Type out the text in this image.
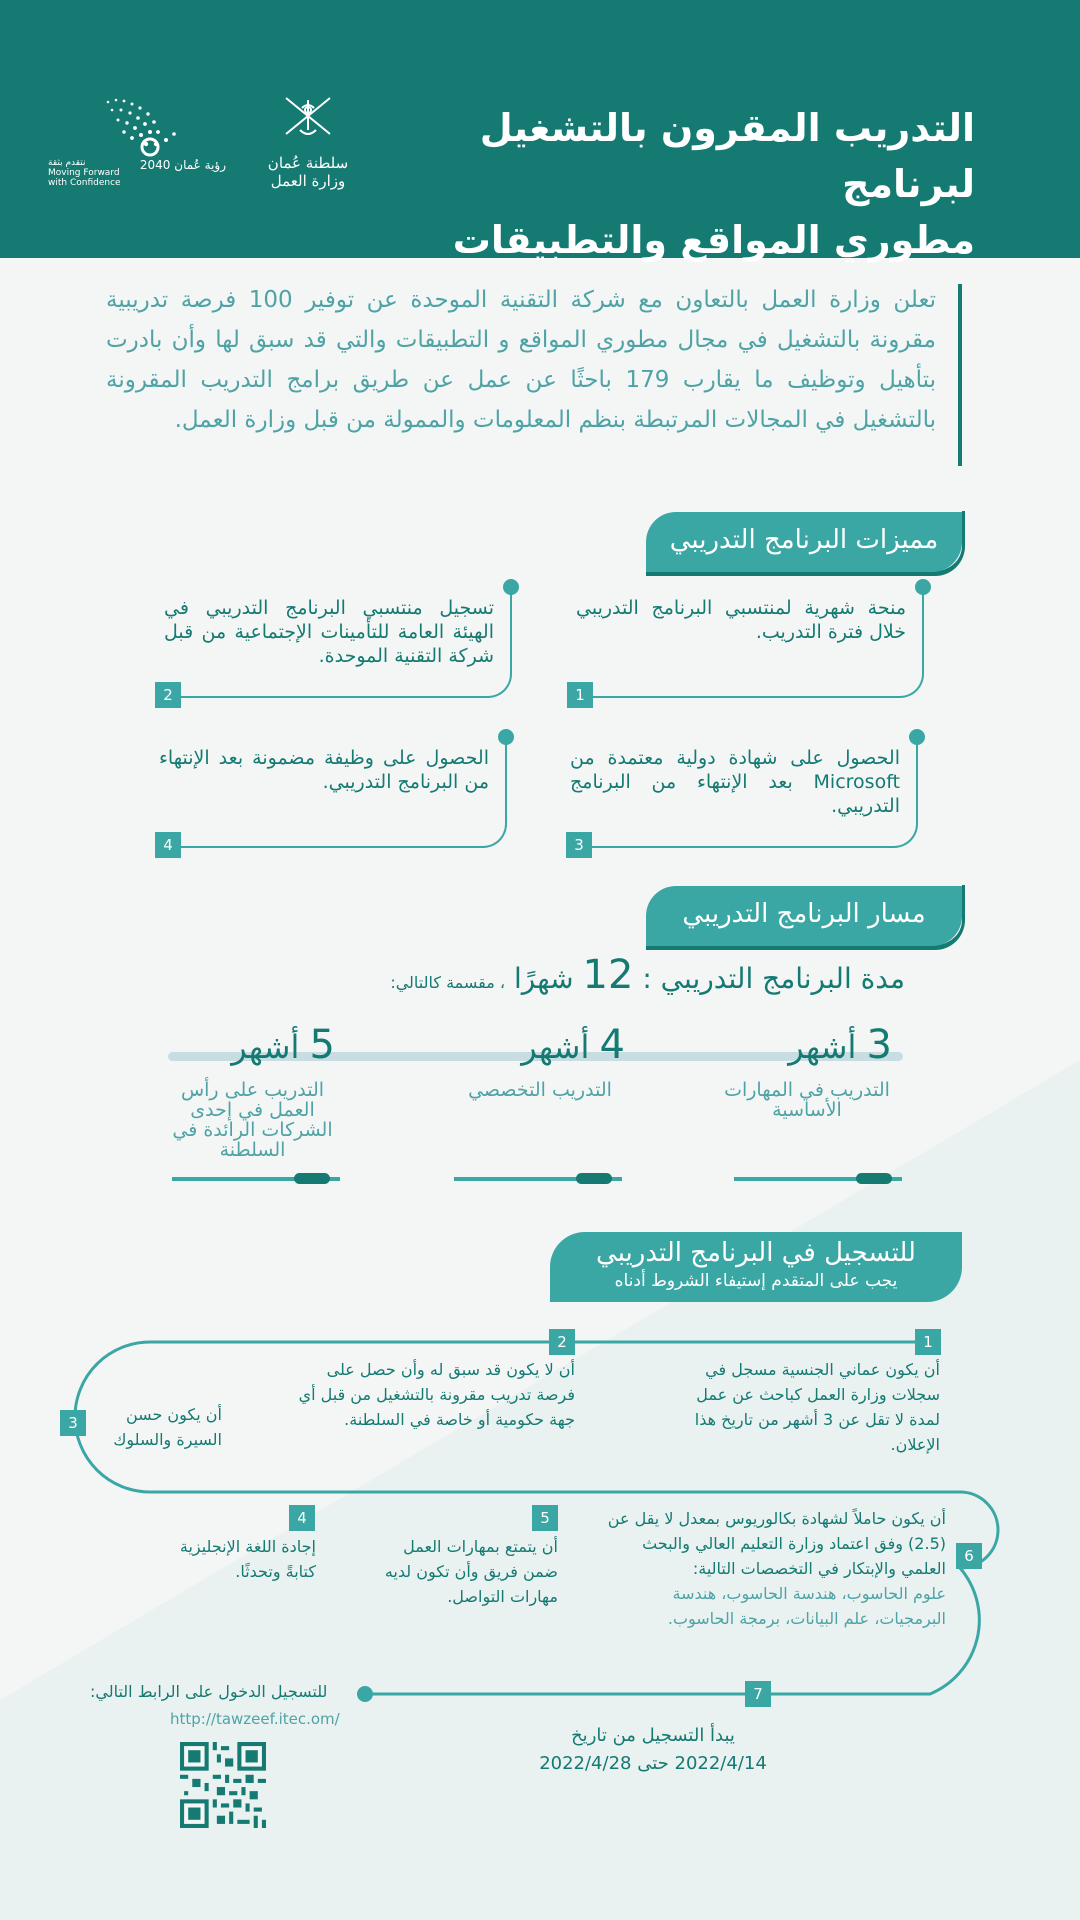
التدريب المقرون بالتشغيل لبرنامج
مطوري المواقع والتطبيقات
سلطنة عُمان
وزارة العمل
رؤية عُمان 2040
نتقدم بثقة
Moving Forward
with Confidence

تعلن وزارة العمل بالتعاون مع شركة التقنية الموحدة عن توفير 100 فرصة تدريبية مقرونة بالتشغيل في مجال مطوري المواقع و التطبيقات والتي قد سبق لها وأن بادرت بتأهيل وتوظيف ما يقارب 179 باحثًا عن عمل عن طريق برامج التدريب المقرونة بالتشغيل في المجالات المرتبطة بنظم المعلومات والممولة من قبل وزارة العمل.

مميزات البرنامج التدريبي
منحة شهرية لمنتسبي البرنامج التدريبي خلال فترة التدريب.
1
تسجيل منتسبي البرنامج التدريبي في الهيئة العامة للتأمينات الإجتماعية من قبل شركة التقنية الموحدة.
2
الحصول على شهادة دولية معتمدة من Microsoft بعد الإنتهاء من البرنامج التدريبي.
3
الحصول على وظيفة مضمونة بعد الإنتهاء من البرنامج التدريبي.
4
مسار البرنامج التدريبي
مدة البرنامج التدريبي : 12 شهرًا ، مقسمة كالتالي:
3 أشهر
التدريب في المهارات الأساسية
4 أشهر
التدريب التخصصي
5 أشهر
التدريب على رأس العمل في إحدى الشركات الرائدة في السلطنة
للتسجيل في البرنامج التدريبي
يجب على المتقدم إستيفاء الشروط أدناه
1
أن يكون عماني الجنسية مسجل في سجلات وزارة العمل كباحث عن عمل لمدة لا تقل عن 3 أشهر من تاريخ هذا الإعلان.
2
أن لا يكون قد سبق له وأن حصل على فرصة تدريب مقرونة بالتشغيل من قبل أي جهة حكومية أو خاصة في السلطنة.
3	أن يكون حسن السيرة والسلوك
4
إجادة اللغة الإنجليزية كتابةً وتحدثًا.
5
أن يتمتع بمهارات العمل ضمن فريق وأن تكون لديه مهارات التواصل.
6
أن يكون حاملاً لشهادة بكالوريوس بمعدل لا يقل عن (2.5) وفق اعتماد وزارة التعليم العالي والبحث العلمي والإبتكار في التخصصات التالية:
علوم الحاسوب، هندسة الحاسوب، هندسة البرمجيات، علم البيانات، برمجة الحاسوب.
7
للتسجيل الدخول على الرابط التالي:
http://tawzeef.itec.om/
يبدأ التسجيل من تاريخ
2022/4/14 حتى 2022/4/28
